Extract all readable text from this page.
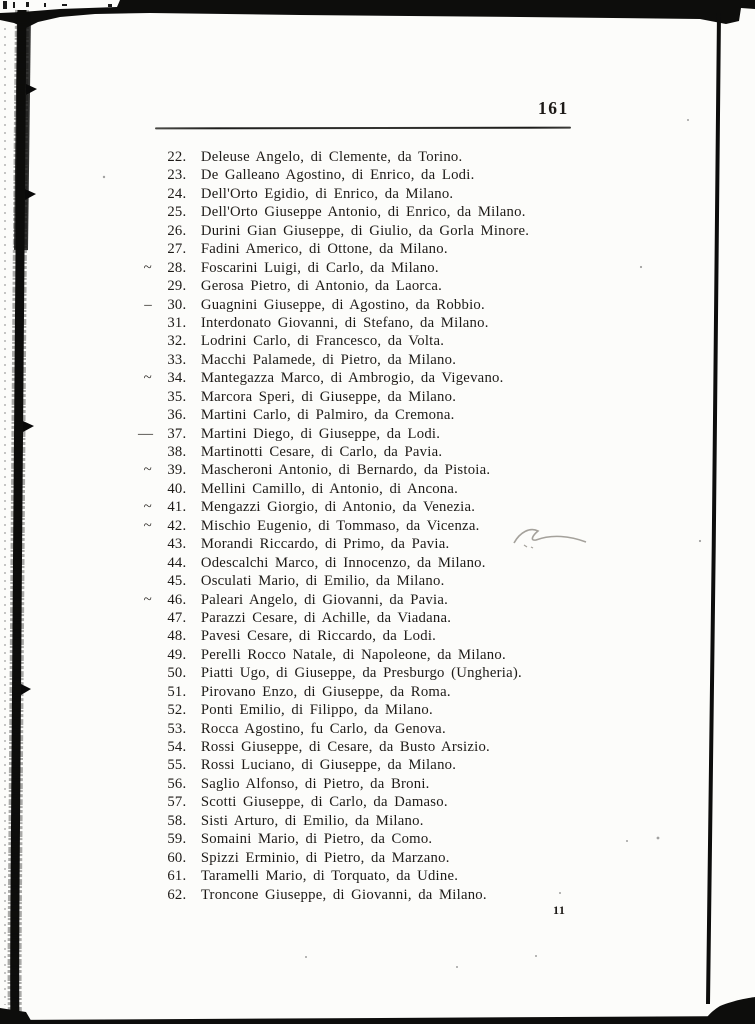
161
22. Deleuse Angelo, di Clemente, da Torino.
23. De Galleano Agostino, di Enrico, da Lodi.
24. Dell'Orto Egidio, di Enrico, da Milano.
25. Dell'Orto Giuseppe Antonio, di Enrico, da Milano.
26. Durini Gian Giuseppe, di Giulio, da Gorla Minore.
27. Fadini Americo, di Ottone, da Milano.
~ 28. Foscarini Luigi, di Carlo, da Milano.
29. Gerosa Pietro, di Antonio, da Laorca.
– 30. Guagnini Giuseppe, di Agostino, da Robbio.
31. Interdonato Giovanni, di Stefano, da Milano.
32. Lodrini Carlo, di Francesco, da Volta.
33. Macchi Palamede, di Pietro, da Milano.
~ 34. Mantegazza Marco, di Ambrogio, da Vigevano.
35. Marcora Speri, di Giuseppe, da Milano.
36. Martini Carlo, di Palmiro, da Cremona.
— 37. Martini Diego, di Giuseppe, da Lodi.
38. Martinotti Cesare, di Carlo, da Pavia.
~ 39. Mascheroni Antonio, di Bernardo, da Pistoia.
40. Mellini Camillo, di Antonio, di Ancona.
~ 41. Mengazzi Giorgio, di Antonio, da Venezia.
~ 42. Mischio Eugenio, di Tommaso, da Vicenza.
43. Morandi Riccardo, di Primo, da Pavia.
44. Odescalchi Marco, di Innocenzo, da Milano.
45. Osculati Mario, di Emilio, da Milano.
~ 46. Paleari Angelo, di Giovanni, da Pavia.
47. Parazzi Cesare, di Achille, da Viadana.
48. Pavesi Cesare, di Riccardo, da Lodi.
49. Perelli Rocco Natale, di Napoleone, da Milano.
50. Piatti Ugo, di Giuseppe, da Presburgo (Ungheria).
51. Pirovano Enzo, di Giuseppe, da Roma.
52. Ponti Emilio, di Filippo, da Milano.
53. Rocca Agostino, fu Carlo, da Genova.
54. Rossi Giuseppe, di Cesare, da Busto Arsizio.
55. Rossi Luciano, di Giuseppe, da Milano.
56. Saglio Alfonso, di Pietro, da Broni.
57. Scotti Giuseppe, di Carlo, da Damaso.
58. Sisti Arturo, di Emilio, da Milano.
59. Somaini Mario, di Pietro, da Como.
60. Spizzi Erminio, di Pietro, da Marzano.
61. Taramelli Mario, di Torquato, da Udine.
62. Troncone Giuseppe, di Giovanni, da Milano.
11
